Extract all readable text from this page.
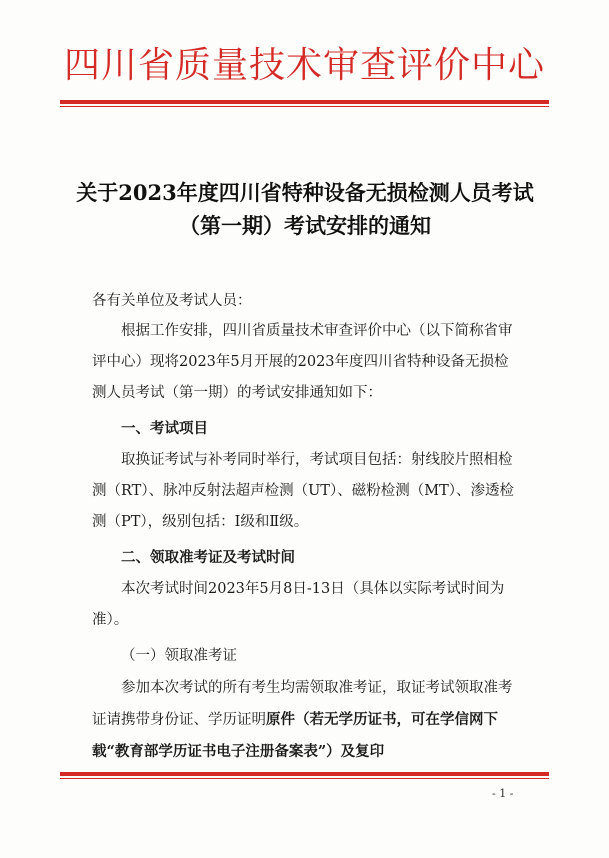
四川省质量技术审查评价中心
关于2023年度四川省特种设备无损检测人员考试（第一期）考试安排的通知
各有关单位及考试人员：
根据工作安排，四川省质量技术审查评价中心（以下简称省审评中心）现将2023年5月开展的2023年度四川省特种设备无损检测人员考试（第一期）的考试安排通知如下：
一、考试项目
取换证考试与补考同时举行，考试项目包括：射线胶片照相检测（RT）、脉冲反射法超声检测（UT）、磁粉检测（MT）、渗透检测（PT），级别包括：Ⅰ级和Ⅱ级。
二、领取准考证及考试时间
本次考试时间2023年5月8日-13日（具体以实际考试时间为准）。
（一）领取准考证
参加本次考试的所有考生均需领取准考证，取证考试领取准考证请携带身份证、学历证明原件（若无学历证书，可在学信网下载“教育部学历证书电子注册备案表”）及复印
- 1 -
